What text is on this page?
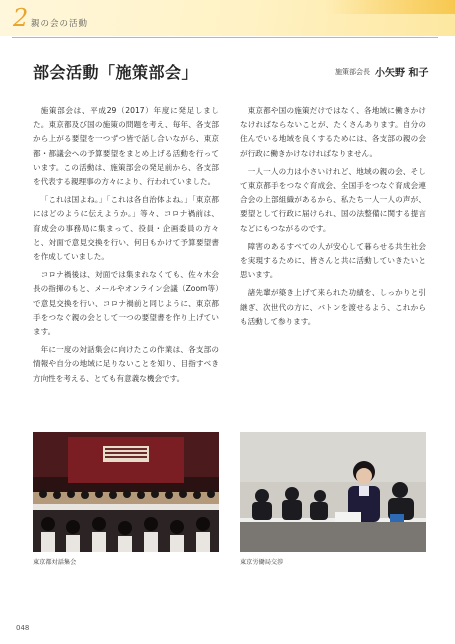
2 親の会の活動
部会活動「施策部会」	施策部会長 小矢野 和子

施策部会は、平成29（2017）年度に発足しました。東京都及び国の施策の問題を考え、毎年、各支部から上がる要望を一つずつ皆で話し合いながら、東京都・都議会への予算要望をまとめ上げる活動を行っています。この活動は、施策部会の発足前から、各支部を代表する親理事の方々により、行われていました。

「これは国よね。」「これは各自治体よね。」「東京都にはどのように伝えようか。」等々、コロナ禍前は、育成会の事務局に集まって、役員・企画委員の方々と、対面で意見交換を行い、何日もかけて予算要望書を作成していました。

コロナ禍後は、対面では集まれなくても、佐々木会長の指揮のもと、メールやオンライン会議（Zoom等）で意見交換を行い、コロナ禍前と同じように、東京都手をつなぐ親の会として一つの要望書を作り上げています。

年に一度の対話集会に向けたこの作業は、各支部の情報や自分の地域に足りないことを知り、目指すべき方向性を考える、とても有意義な機会です。

東京都や国の施策だけではなく、各地域に働きかけなければならないことが、たくさんあります。自分の住んでいる地域を良くするためには、各支部の親の会が行政に働きかけなければなりません。

一人一人の力は小さいけれど、地域の親の会、そして東京都手をつなぐ育成会、全国手をつなぐ育成会連合会の上部組織があるから、私たち一人一人の声が、要望として行政に届けられ、国の法整備に関する提言などにもつながるのです。

障害のあるすべての人が安心して暮らせる共生社会を実現するために、皆さんと共に活動していきたいと思います。

諸先輩が築き上げて来られた功績を、しっかりと引継ぎ、次世代の方に、バトンを渡せるよう、これからも活動して参ります。

東京都対話集会	東京労働局交渉
048
